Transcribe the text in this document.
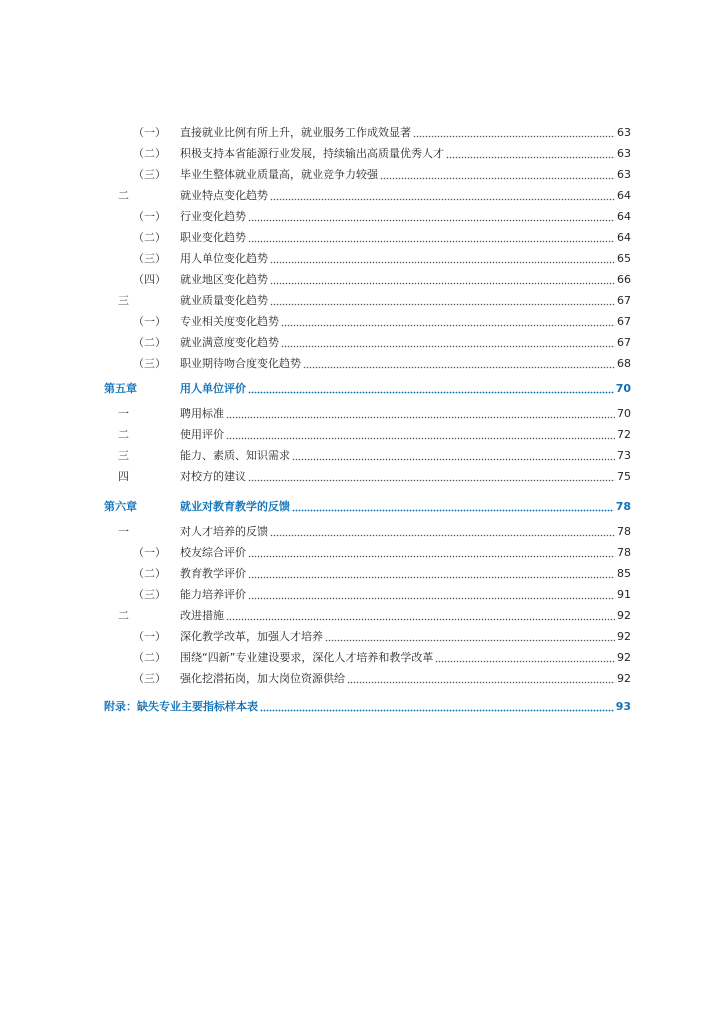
（一） 直接就业比例有所上升，就业服务工作成效显著	63
（二） 积极支持本省能源行业发展，持续输出高质量优秀人才	63
（三） 毕业生整体就业质量高，就业竞争力较强	63
二	就业特点变化趋势	64
（一） 行业变化趋势	64
（二） 职业变化趋势	64
（三） 用人单位变化趋势	65
（四） 就业地区变化趋势	66
三	就业质量变化趋势	67
（一） 专业相关度变化趋势	67
（二） 就业满意度变化趋势	67
（三） 职业期待吻合度变化趋势	68
第五章	用人单位评价	70
一	聘用标准	70
二	使用评价	72
三	能力、素质、知识需求	73
四	对校方的建议	75
第六章	就业对教育教学的反馈	78
一	对人才培养的反馈	78
（一） 校友综合评价	78
（二） 教育教学评价	85
（三） 能力培养评价	91
二	改进措施	92
（一） 深化教学改革，加强人才培养	92
（二） 围绕“四新”专业建设要求，深化人才培养和教学改革	92
（三） 强化挖潜拓岗，加大岗位资源供给	92
附录：缺失专业主要指标样本表	93
